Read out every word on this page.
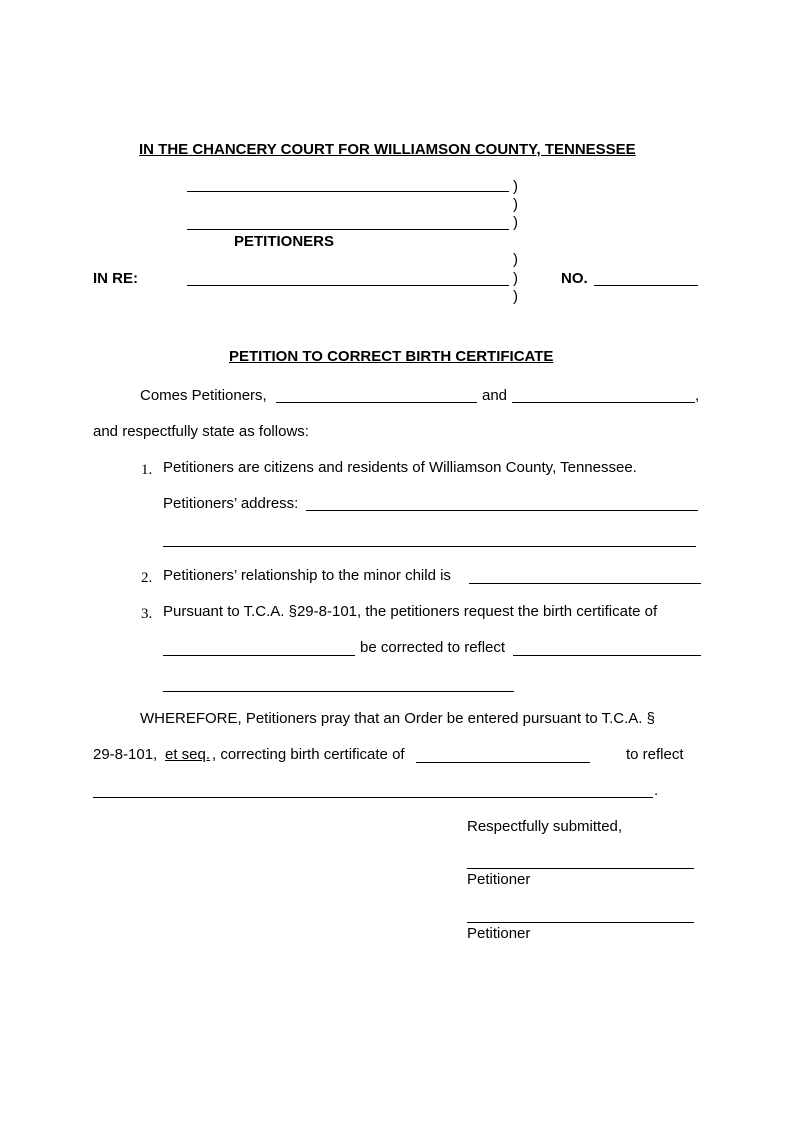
IN THE CHANCERY COURT FOR WILLIAMSON COUNTY, TENNESSEE
)
)
)
PETITIONERS
)
IN RE:	)
)
NO.
PETITION TO CORRECT BIRTH CERTIFICATE
Comes Petitioners,	and	,
and respectfully state as follows:
1. Petitioners are citizens and residents of Williamson County, Tennessee.
Petitioners’ address:
2. Petitioners’ relationship to the minor child is
3. Pursuant to T.C.A. §29-8-101, the petitioners request the birth certificate of
be corrected to reflect
WHEREFORE, Petitioners pray that an Order be entered pursuant to T.C.A. §
29-8-101, et seq. , correcting birth certificate of	to reflect
.
Respectfully submitted,
Petitioner
Petitioner
